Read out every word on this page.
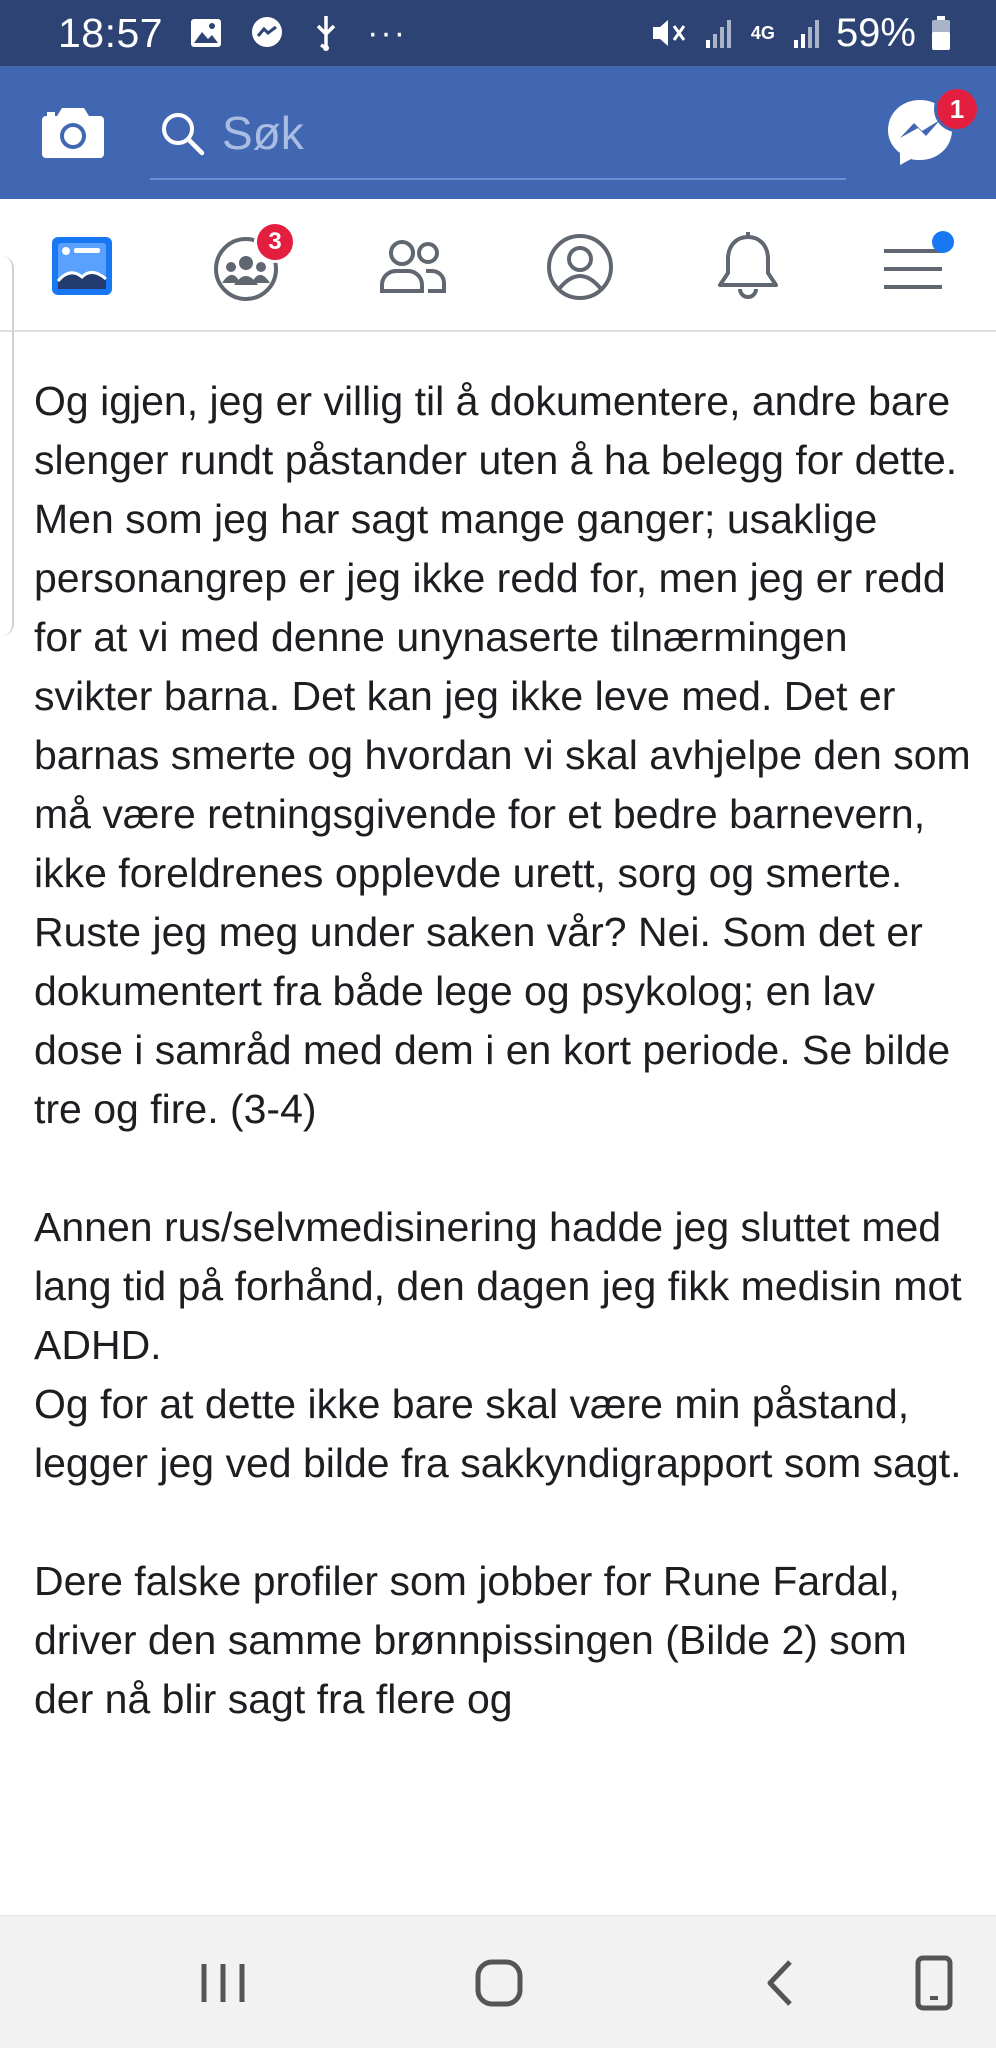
18:57	···	4G 59%
Søk
1
3

Og igjen, jeg er villig til å dokumentere, andre bare slenger rundt påstander uten å ha belegg for dette. Men som jeg har sagt mange ganger; usaklige personangrep er jeg ikke redd for, men jeg er redd for at vi med denne unynaserte tilnærmingen svikter barna. Det kan jeg ikke leve med. Det er barnas smerte og hvordan vi skal avhjelpe den som må være retningsgivende for et bedre barnevern, ikke foreldrenes opplevde urett, sorg og smerte.
Ruste jeg meg under saken vår? Nei. Som det er dokumentert fra både lege og psykolog; en lav dose i samråd med dem i en kort periode. Se bilde tre og fire. (3-4)

Annen rus/selvmedisinering hadde jeg sluttet med lang tid på forhånd, den dagen jeg fikk medisin mot ADHD.
Og for at dette ikke bare skal være min påstand, legger jeg ved bilde fra sakkyndigrapport som sagt.

Dere falske profiler som jobber for Rune Fardal, driver den samme brønnpissingen (Bilde 2) som der nå blir sagt fra flere og
